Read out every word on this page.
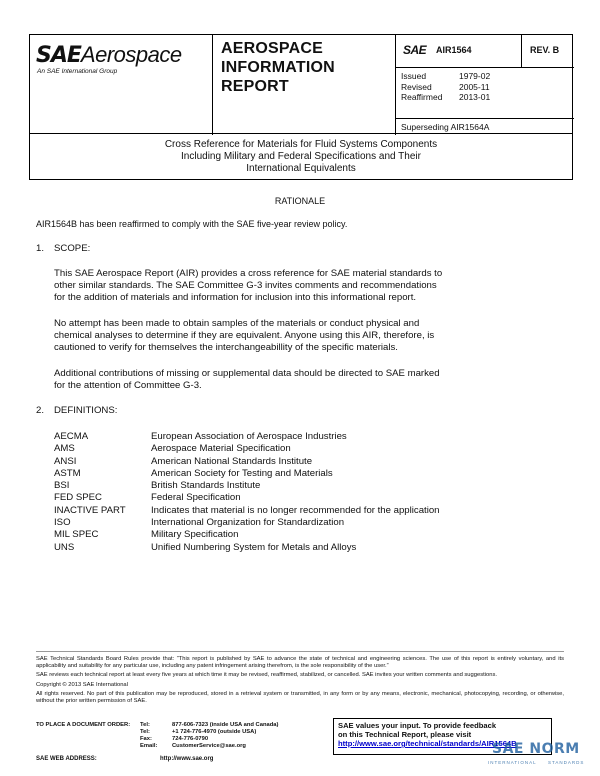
SAEAerospace
An SAE International Group
AEROSPACE
INFORMATION
REPORT
SAE AIR1564	REV. B
Issued	1979-02
Revised	2005-11
Reaffirmed	2013-01
Superseding AIR1564A
Cross Reference for Materials for Fluid Systems Components
Including Military and Federal Specifications and Their
International Equivalents
RATIONALE
AIR1564B has been reaffirmed to comply with the SAE five-year review policy.
1. SCOPE:
This SAE Aerospace Report (AIR) provides a cross reference for SAE material standards to
other similar standards. The SAE Committee G-3 invites comments and recommendations
for the addition of materials and information for inclusion into this informational report.
No attempt has been made to obtain samples of the materials or conduct physical and
chemical analyses to determine if they are equivalent. Anyone using this AIR, therefore, is
cautioned to verify for themselves the interchangeabillity of the specific materials.
Additional contributions of missing or supplemental data should be directed to SAE marked
for the attention of Committee G-3.
2. DEFINITIONS:
AECMA	European Association of Aerospace Industries
AMS	Aerospace Material Specification
ANSI	American National Standards Institute
ASTM	American Society for Testing and Materials
BSI	British Standards Institute
FED SPEC	Federal Specification
INACTIVE PART	Indicates that material is no longer recommended for the application
ISO	International Organization for Standardization
MIL SPEC	Military Specification
UNS	Unified Numbering System for Metals and Alloys

SAE Technical Standards Board Rules provide that: “This report is published by SAE to advance the state of technical and engineering sciences. The use of this report is entirely voluntary, and its applicability and suitability for any particular use, including any patent infringement arising therefrom, is the sole responsibility of the user.”

SAE reviews each technical report at least every five years at which time it may be revised, reaffirmed, stabilized, or cancelled. SAE invites your written comments and suggestions.

Copyright © 2013 SAE International

All rights reserved. No part of this publication may be reproduced, stored in a retrieval system or transmitted, in any form or by any means, electronic, mechanical, photocopying, recording, or otherwise, without the prior written permission of SAE.

TO PLACE A DOCUMENT ORDER:	Tel:	877-606-7323 (inside USA and Canada)
Tel:	+1 724-776-4970 (outside USA)
Fax:	724-776-0790
Email:	CustomerService@sae.org
SAE WEB ADDRESS:	http://www.sae.org
SAE values your input. To provide feedback
on this Technical Report, please visit
http://www.sae.org/technical/standards/AIR1564B
SAE NORM
INTERNATIONAL	STANDARDS
